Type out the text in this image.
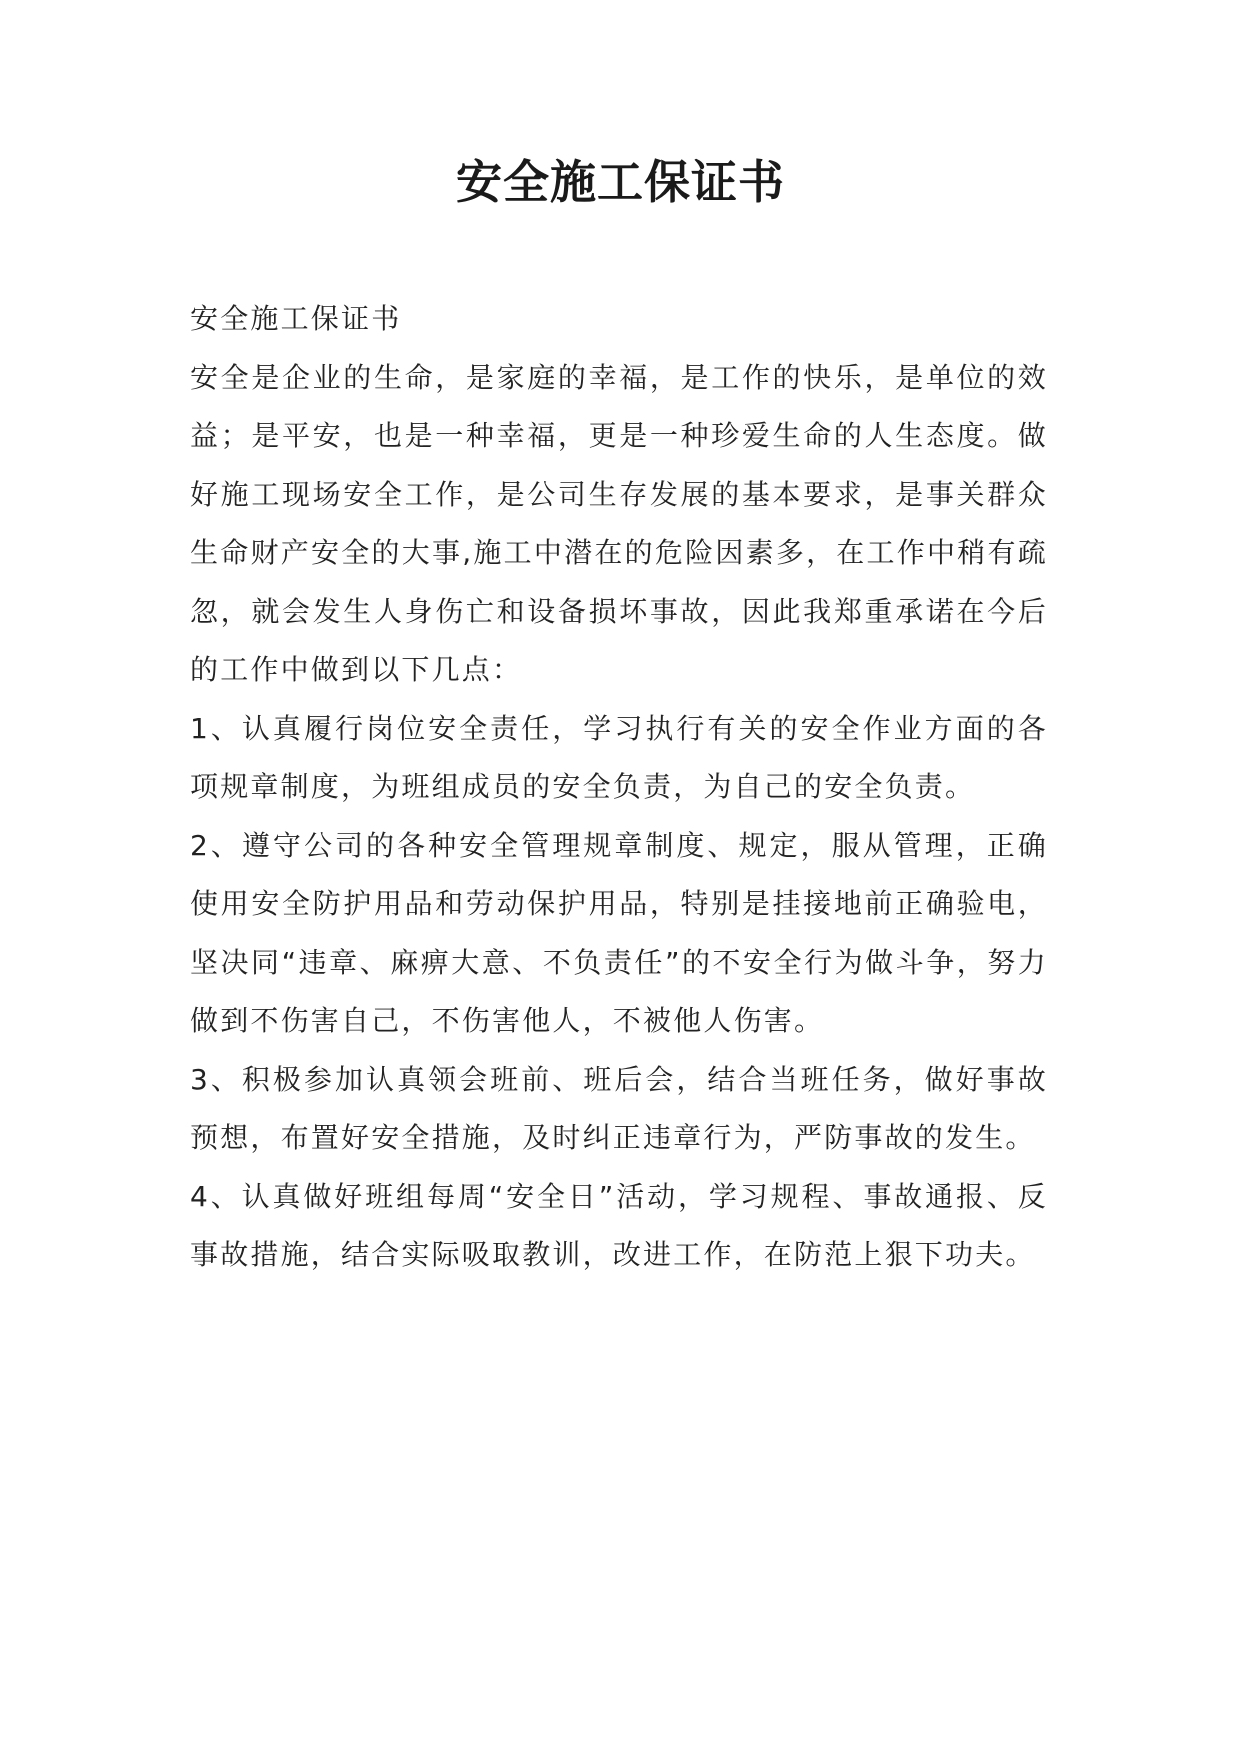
安全施工保证书

安全施工保证书

安全是企业的生命，是家庭的幸福，是工作的快乐，是单位的效益；是平安，也是一种幸福，更是一种珍爱生命的人生态度。做好施工现场安全工作，是公司生存发展的基本要求，是事关群众生命财产安全的大事,施工中潜在的危险因素多，在工作中稍有疏忽，就会发生人身伤亡和设备损坏事故，因此我郑重承诺在今后的工作中做到以下几点：

1、认真履行岗位安全责任，学习执行有关的安全作业方面的各项规章制度，为班组成员的安全负责，为自己的安全负责。

2、遵守公司的各种安全管理规章制度、规定，服从管理，正确使用安全防护用品和劳动保护用品，特别是挂接地前正确验电，坚决同“违章、麻痹大意、不负责任”的不安全行为做斗争，努力做到不伤害自己，不伤害他人，不被他人伤害。

3、积极参加认真领会班前、班后会，结合当班任务，做好事故预想，布置好安全措施，及时纠正违章行为，严防事故的发生。

4、认真做好班组每周“安全日”活动，学习规程、事故通报、反事故措施，结合实际吸取教训，改进工作，在防范上狠下功夫。
